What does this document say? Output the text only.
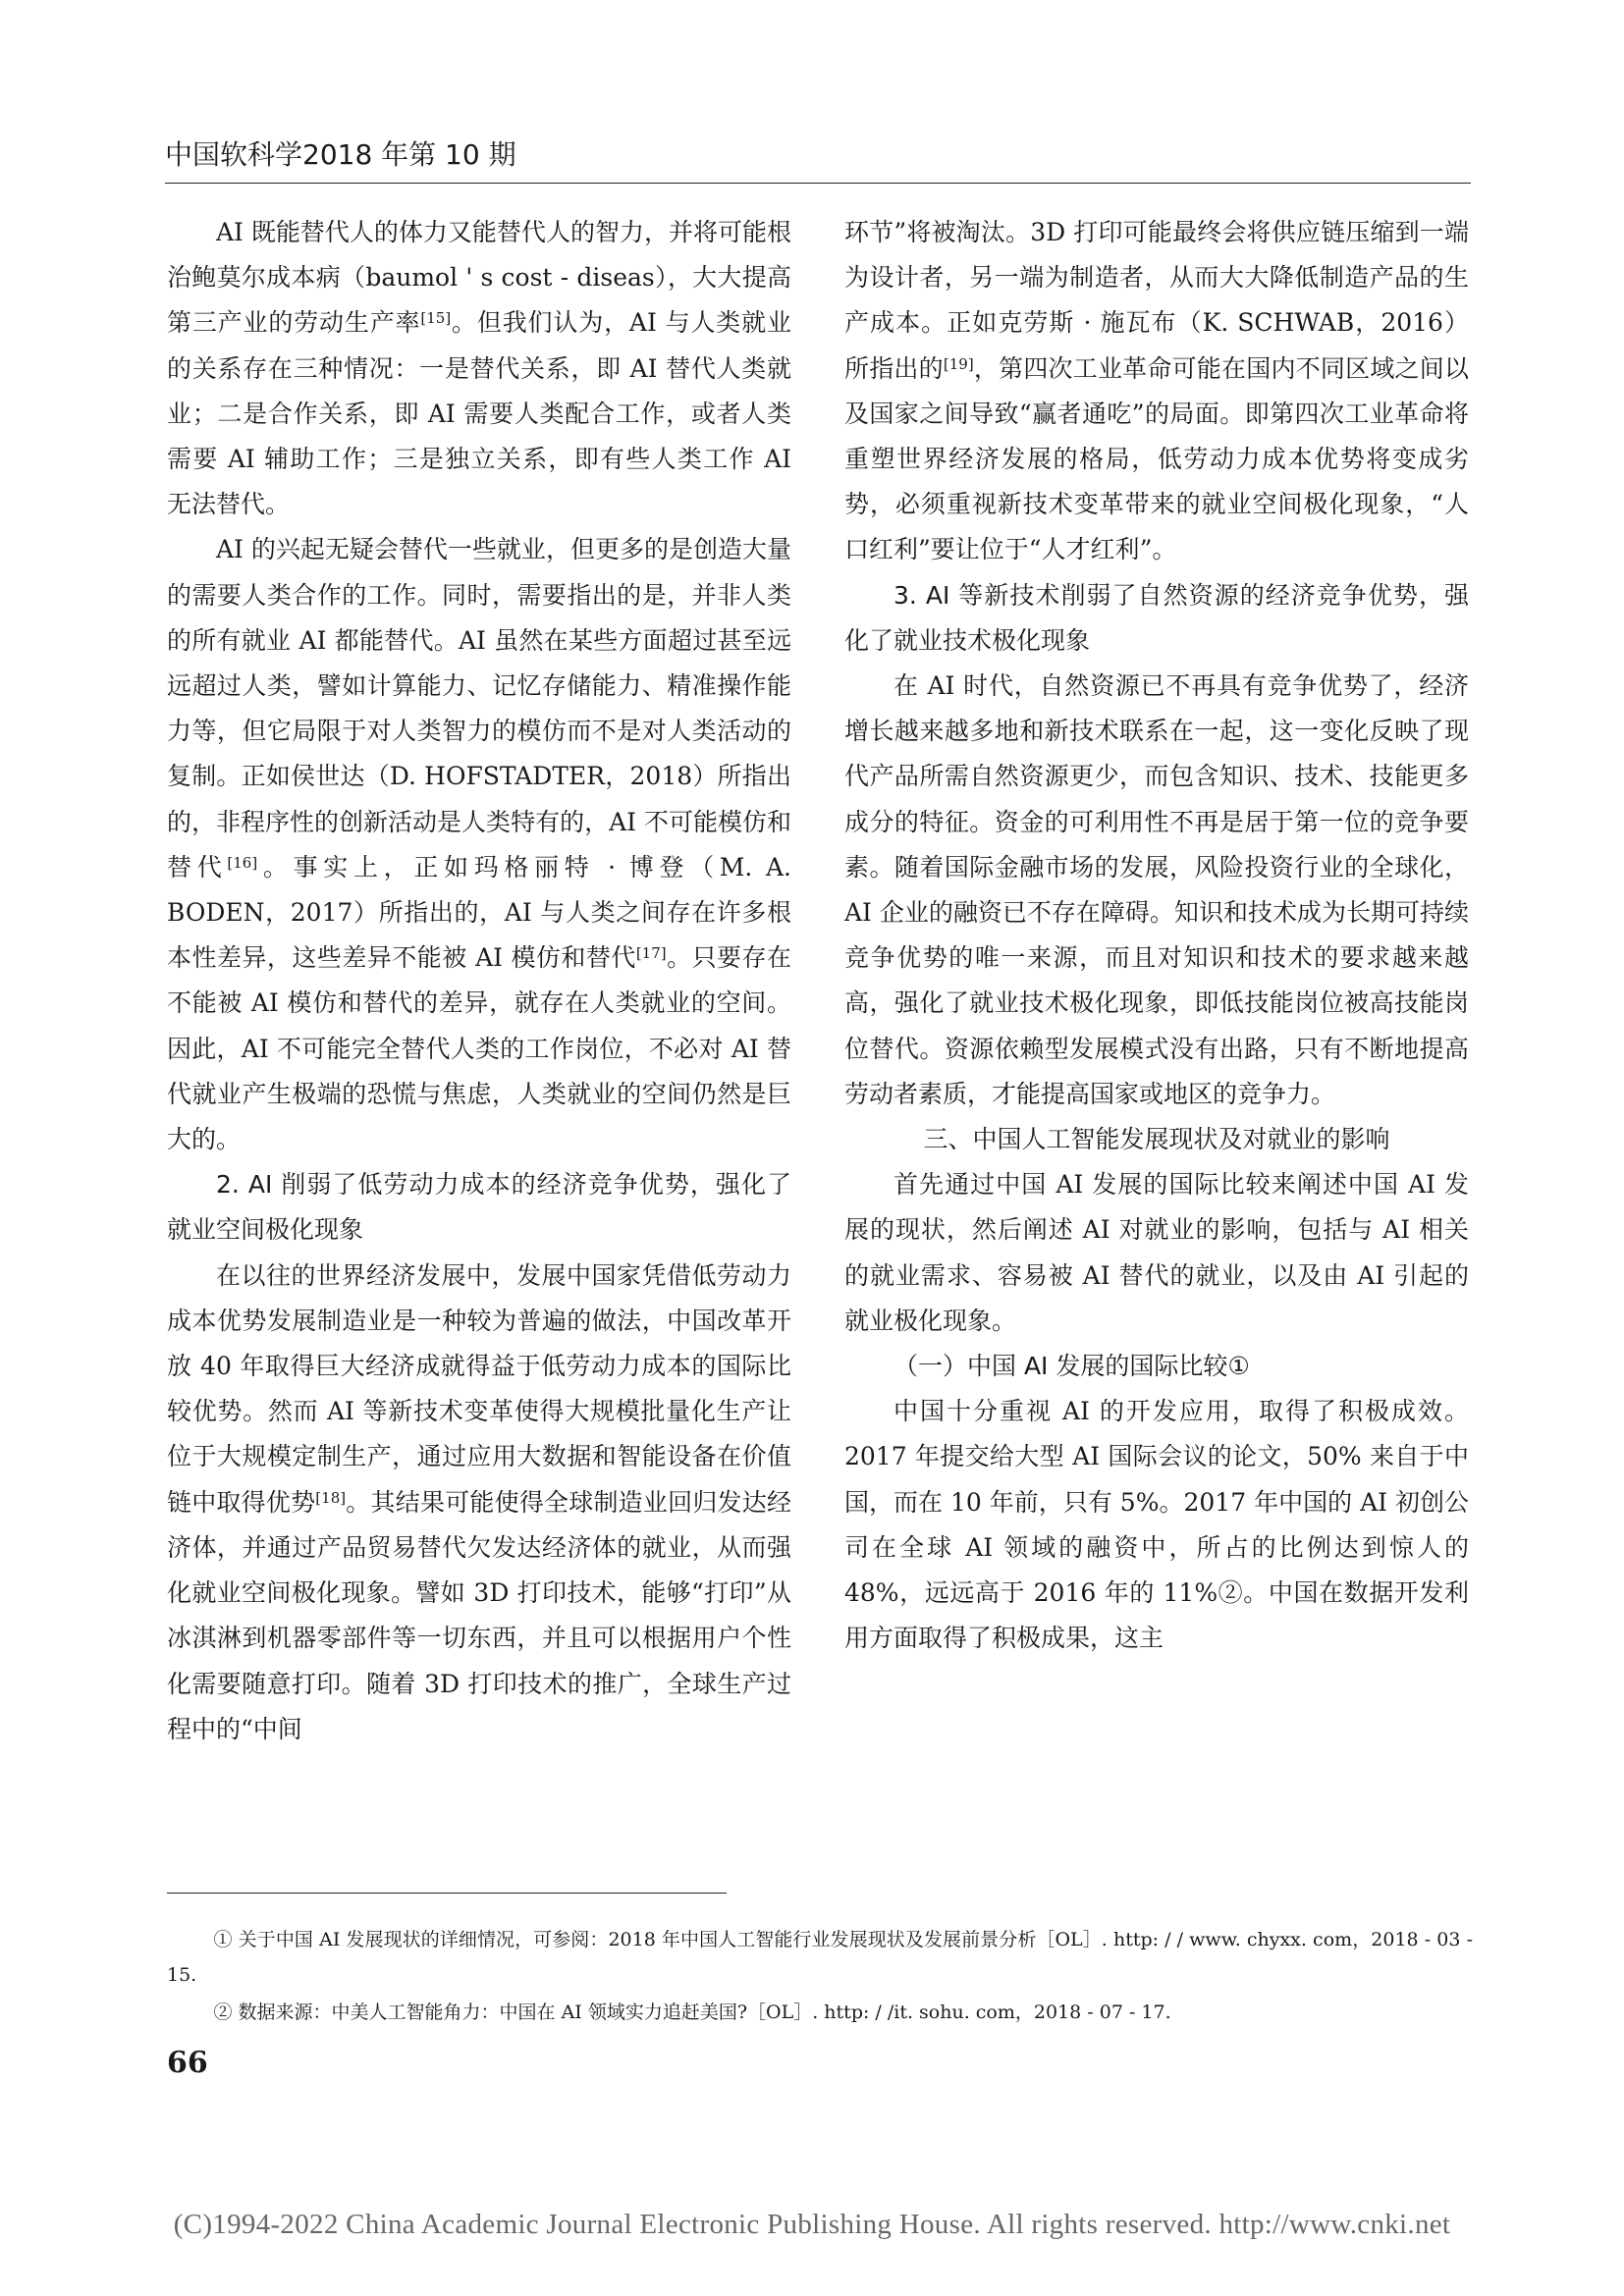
中国软科学2018 年第 10 期

AI 既能替代人的体力又能替代人的智力，并将可能根治鲍莫尔成本病（baumol ' s cost - diseas），大大提高第三产业的劳动生产率[15]。但我们认为，AI 与人类就业的关系存在三种情况：一是替代关系，即 AI 替代人类就业；二是合作关系，即 AI 需要人类配合工作，或者人类需要 AI 辅助工作；三是独立关系，即有些人类工作 AI 无法替代。

AI 的兴起无疑会替代一些就业，但更多的是创造大量的需要人类合作的工作。同时，需要指出的是，并非人类的所有就业 AI 都能替代。AI 虽然在某些方面超过甚至远远超过人类，譬如计算能力、记忆存储能力、精准操作能力等，但它局限于对人类智力的模仿而不是对人类活动的复制。正如侯世达（D. HOFSTADTER，2018）所指出的，非程序性的创新活动是人类特有的，AI 不可能模仿和替代[16]。事实上，正如玛格丽特 · 博登（M. A. BODEN，2017）所指出的，AI 与人类之间存在许多根本性差异，这些差异不能被 AI 模仿和替代[17]。只要存在不能被 AI 模仿和替代的差异，就存在人类就业的空间。因此，AI 不可能完全替代人类的工作岗位，不必对 AI 替代就业产生极端的恐慌与焦虑，人类就业的空间仍然是巨大的。

2. AI 削弱了低劳动力成本的经济竞争优势，强化了就业空间极化现象

在以往的世界经济发展中，发展中国家凭借低劳动力成本优势发展制造业是一种较为普遍的做法，中国改革开放 40 年取得巨大经济成就得益于低劳动力成本的国际比较优势。然而 AI 等新技术变革使得大规模批量化生产让位于大规模定制生产，通过应用大数据和智能设备在价值链中取得优势[18]。其结果可能使得全球制造业回归发达经济体，并通过产品贸易替代欠发达经济体的就业，从而强化就业空间极化现象。譬如 3D 打印技术，能够“打印”从冰淇淋到机器零部件等一切东西，并且可以根据用户个性化需要随意打印。随着 3D 打印技术的推广，全球生产过程中的“中间

环节”将被淘汰。3D 打印可能最终会将供应链压缩到一端为设计者，另一端为制造者，从而大大降低制造产品的生产成本。正如克劳斯 · 施瓦布（K. SCHWAB，2016）所指出的[19]，第四次工业革命可能在国内不同区域之间以及国家之间导致“赢者通吃”的局面。即第四次工业革命将重塑世界经济发展的格局，低劳动力成本优势将变成劣势，必须重视新技术变革带来的就业空间极化现象，“人口红利”要让位于“人才红利”。

3. AI 等新技术削弱了自然资源的经济竞争优势，强化了就业技术极化现象

在 AI 时代，自然资源已不再具有竞争优势了，经济增长越来越多地和新技术联系在一起，这一变化反映了现代产品所需自然资源更少，而包含知识、技术、技能更多成分的特征。资金的可利用性不再是居于第一位的竞争要素。随着国际金融市场的发展，风险投资行业的全球化，AI 企业的融资已不存在障碍。知识和技术成为长期可持续竞争优势的唯一来源，而且对知识和技术的要求越来越高，强化了就业技术极化现象，即低技能岗位被高技能岗位替代。资源依赖型发展模式没有出路，只有不断地提高劳动者素质，才能提高国家或地区的竞争力。

三、中国人工智能发展现状及对就业的影响

首先通过中国 AI 发展的国际比较来阐述中国 AI 发展的现状，然后阐述 AI 对就业的影响，包括与 AI 相关的就业需求、容易被 AI 替代的就业，以及由 AI 引起的就业极化现象。

（一）中国 AI 发展的国际比较①

中国十分重视 AI 的开发应用，取得了积极成效。2017 年提交给大型 AI 国际会议的论文，50% 来自于中国，而在 10 年前，只有 5%。2017 年中国的 AI 初创公司在全球 AI 领域的融资中，所占的比例达到惊人的 48%，远远高于 2016 年的 11%②。中国在数据开发利用方面取得了积极成果，这主

① 关于中国 AI 发展现状的详细情况，可参阅：2018 年中国人工智能行业发展现状及发展前景分析［OL］. http: / / www. chyxx. com，2018 - 03 - 15.

② 数据来源：中美人工智能角力：中国在 AI 领域实力追赶美国?［OL］. http: / /it. sohu. com，2018 - 07 - 17.

66
(C)1994-2022 China Academic Journal Electronic Publishing House. All rights reserved. http://www.cnki.net
